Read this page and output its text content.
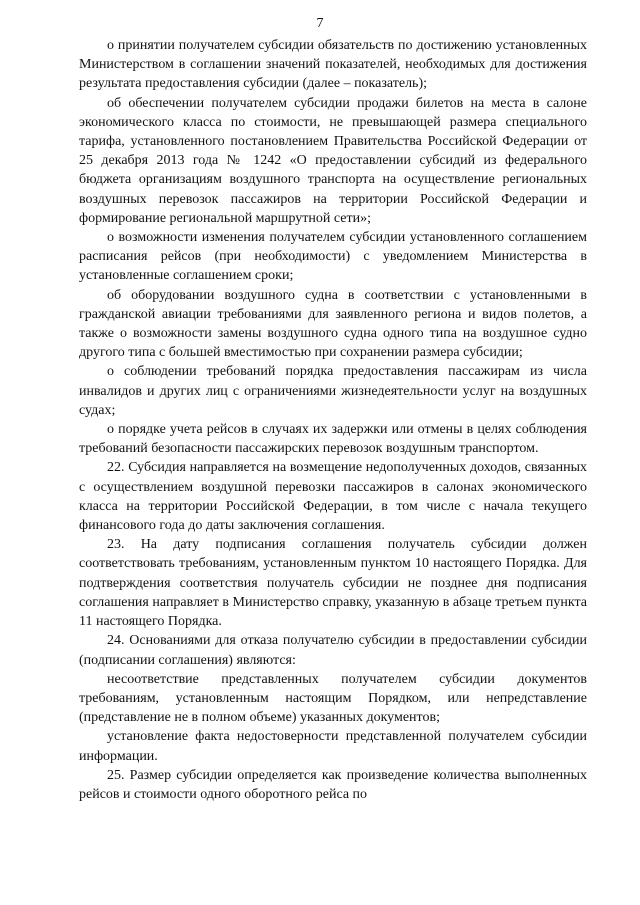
7

о принятии получателем субсидии обязательств по достижению установленных Министерством в соглашении значений показателей, необходимых для достижения результата предоставления субсидии (далее – показатель);

об обеспечении получателем субсидии продажи билетов на места в салоне экономического класса по стоимости, не превышающей размера специального тарифа, установленного постановлением Правительства Российской Федерации от 25 декабря 2013 года № 1242 «О предоставлении субсидий из федерального бюджета организациям воздушного транспорта на осуществление региональных воздушных перевозок пассажиров на территории Российской Федерации и формирование региональной маршрутной сети»;

о возможности изменения получателем субсидии установленного соглашением расписания рейсов (при необходимости) с уведомлением Министерства в установленные соглашением сроки;

об оборудовании воздушного судна в соответствии с установленными в гражданской авиации требованиями для заявленного региона и видов полетов, а также о возможности замены воздушного судна одного типа на воздушное судно другого типа с большей вместимостью при сохранении размера субсидии;

о соблюдении требований порядка предоставления пассажирам из числа инвалидов и других лиц с ограничениями жизнедеятельности услуг на воздушных судах;

о порядке учета рейсов в случаях их задержки или отмены в целях соблюдения требований безопасности пассажирских перевозок воздушным транспортом.

22. Субсидия направляется на возмещение недополученных доходов, связанных с осуществлением воздушной перевозки пассажиров в салонах экономического класса на территории Российской Федерации, в том числе с начала текущего финансового года до даты заключения соглашения.

23. На дату подписания соглашения получатель субсидии должен соответствовать требованиям, установленным пунктом 10 настоящего Порядка. Для подтверждения соответствия получатель субсидии не позднее дня подписания соглашения направляет в Министерство справку, указанную в абзаце третьем пункта 11 настоящего Порядка.

24. Основаниями для отказа получателю субсидии в предоставлении субсидии (подписании соглашения) являются:

несоответствие представленных получателем субсидии документов требованиям, установленным настоящим Порядком, или непредставление (представление не в полном объеме) указанных документов;

установление факта недостоверности представленной получателем субсидии информации.

25. Размер субсидии определяется как произведение количества выполненных рейсов и стоимости одного оборотного рейса по
